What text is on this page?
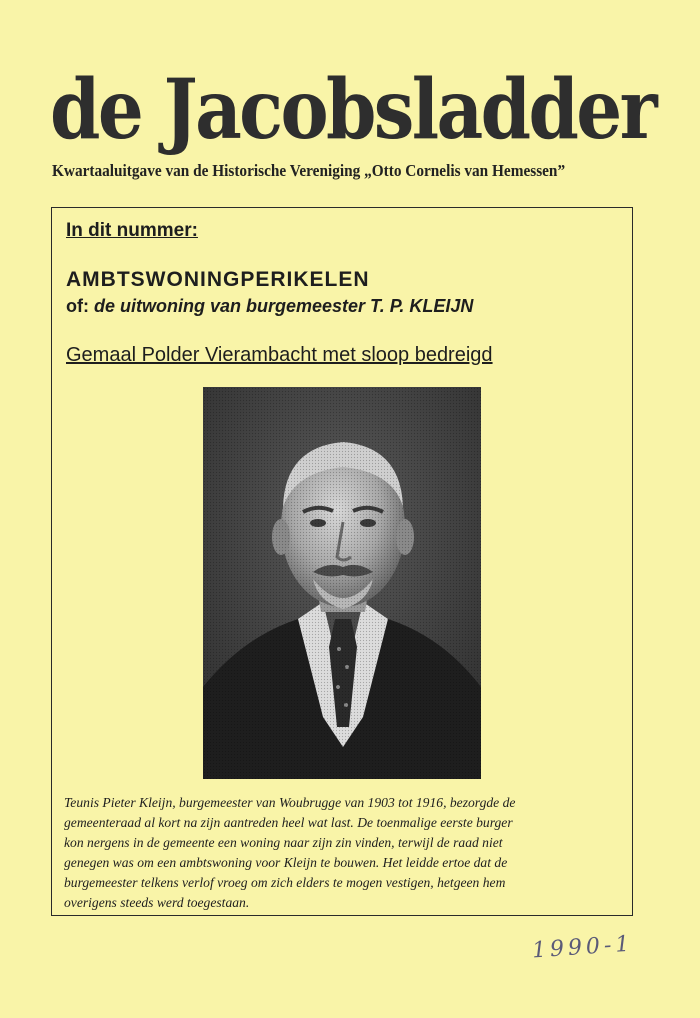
de Jacobsladder
Kwartaaluitgave van de Historische Vereniging „Otto Cornelis van Hemessen”
In dit nummer:
AMBTSWONINGPERIKELEN
of: de uitwoning van burgemeester T. P. KLEIJN
Gemaal Polder Vierambacht met sloop bedreigd
Teunis Pieter Kleijn, burgemeester van Woubrugge van 1903 tot 1916, bezorgde de
gemeenteraad al kort na zijn aantreden heel wat last. De toenmalige eerste burger
kon nergens in de gemeente een woning naar zijn zin vinden, terwijl de raad niet
genegen was om een ambtswoning voor Kleijn te bouwen. Het leidde ertoe dat de
burgemeester telkens verlof vroeg om zich elders te mogen vestigen, hetgeen hem
overigens steeds werd toegestaan.
1990-1
